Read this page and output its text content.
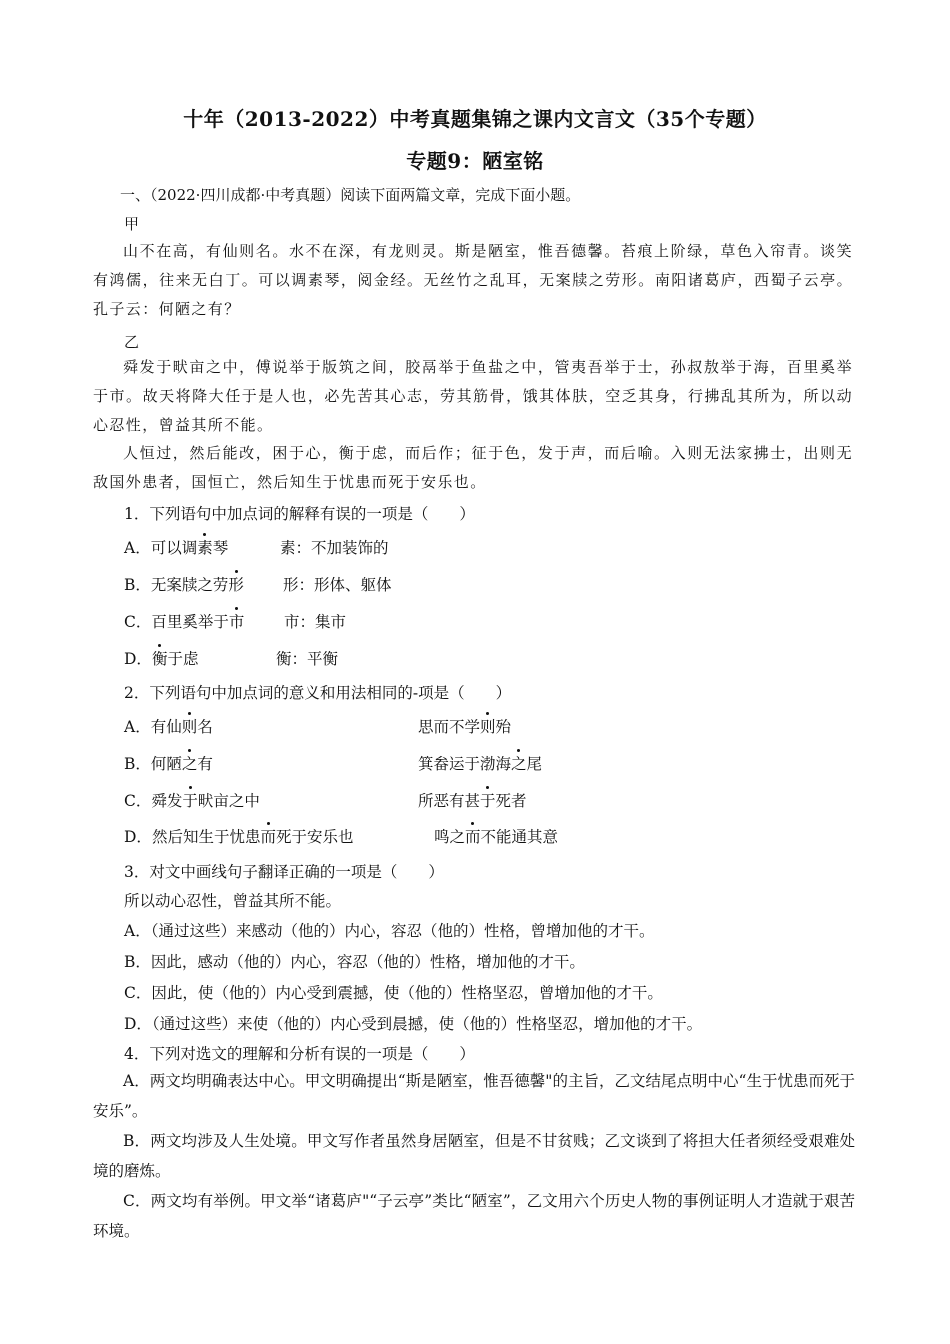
十年（2013-2022）中考真题集锦之课内文言文（35个专题）
专题9：陋室铭
一、（2022·四川成都·中考真题）阅读下面两篇文章，完成下面小题。
甲

山不在高，有仙则名。水不在深，有龙则灵。斯是陋室，惟吾德馨。苔痕上阶绿，草色入帘青。谈笑有鸿儒，往来无白丁。可以调素琴，阅金经。无丝竹之乱耳，无案牍之劳形。南阳诸葛庐，西蜀子云亭。孔子云：何陋之有？

乙

舜发于畎亩之中，傅说举于版筑之间，胶鬲举于鱼盐之中，管夷吾举于士，孙叔敖举于海，百里奚举于市。故天将降大任于是人也，必先苦其心志，劳其筋骨，饿其体肤，空乏其身，行拂乱其所为，所以动心忍性，曾益其所不能。

人恒过，然后能改，困于心，衡于虑，而后作；征于色，发于声，而后喻。入则无法家拂士，出则无敌国外患者，国恒亡，然后知生于忧患而死于安乐也。

1．下列语句中加点词的解释有误的一项是（　　）
A．可以调素琴	素：不加装饰的
B．无案牍之劳形	形：形体、躯体
C．百里奚举于市	市：集市
D．衡于虑	衡：平衡
2．下列语句中加点词的意义和用法相同的-项是（　　）
A．有仙则名	思而不学则殆
B．何陋之有	箕畚运于渤海之尾
C．舜发于畎亩之中	所恶有甚于死者
D．然后知生于忧患而死于安乐也	鸣之而不能通其意
3．对文中画线句子翻译正确的一项是（　　）
所以动心忍性，曾益其所不能。
A．（通过这些）来感动（他的）内心，容忍（他的）性格，曾增加他的才干。
B．因此，感动（他的）内心，容忍（他的）性格，增加他的才干。
C．因此，使（他的）内心受到震撼，使（他的）性格坚忍，曾增加他的才干。
D．（通过这些）来使（他的）内心受到晨撼，使（他的）性格坚忍，增加他的才干。
4．下列对选文的理解和分析有误的一项是（　　）
A．两文均明确表达中心。甲文明确提出“斯是陋室，惟吾德馨"的主旨，乙文结尾点明中心“生于忧患而死于安乐”。
B．两文均涉及人生处境。甲文写作者虽然身居陋室，但是不甘贫贱；乙文谈到了将担大任者须经受艰难处境的磨炼。
C．两文均有举例。甲文举“诸葛庐"“子云亭”类比“陋室”，乙文用六个历史人物的事例证明人才造就于艰苦环境。
